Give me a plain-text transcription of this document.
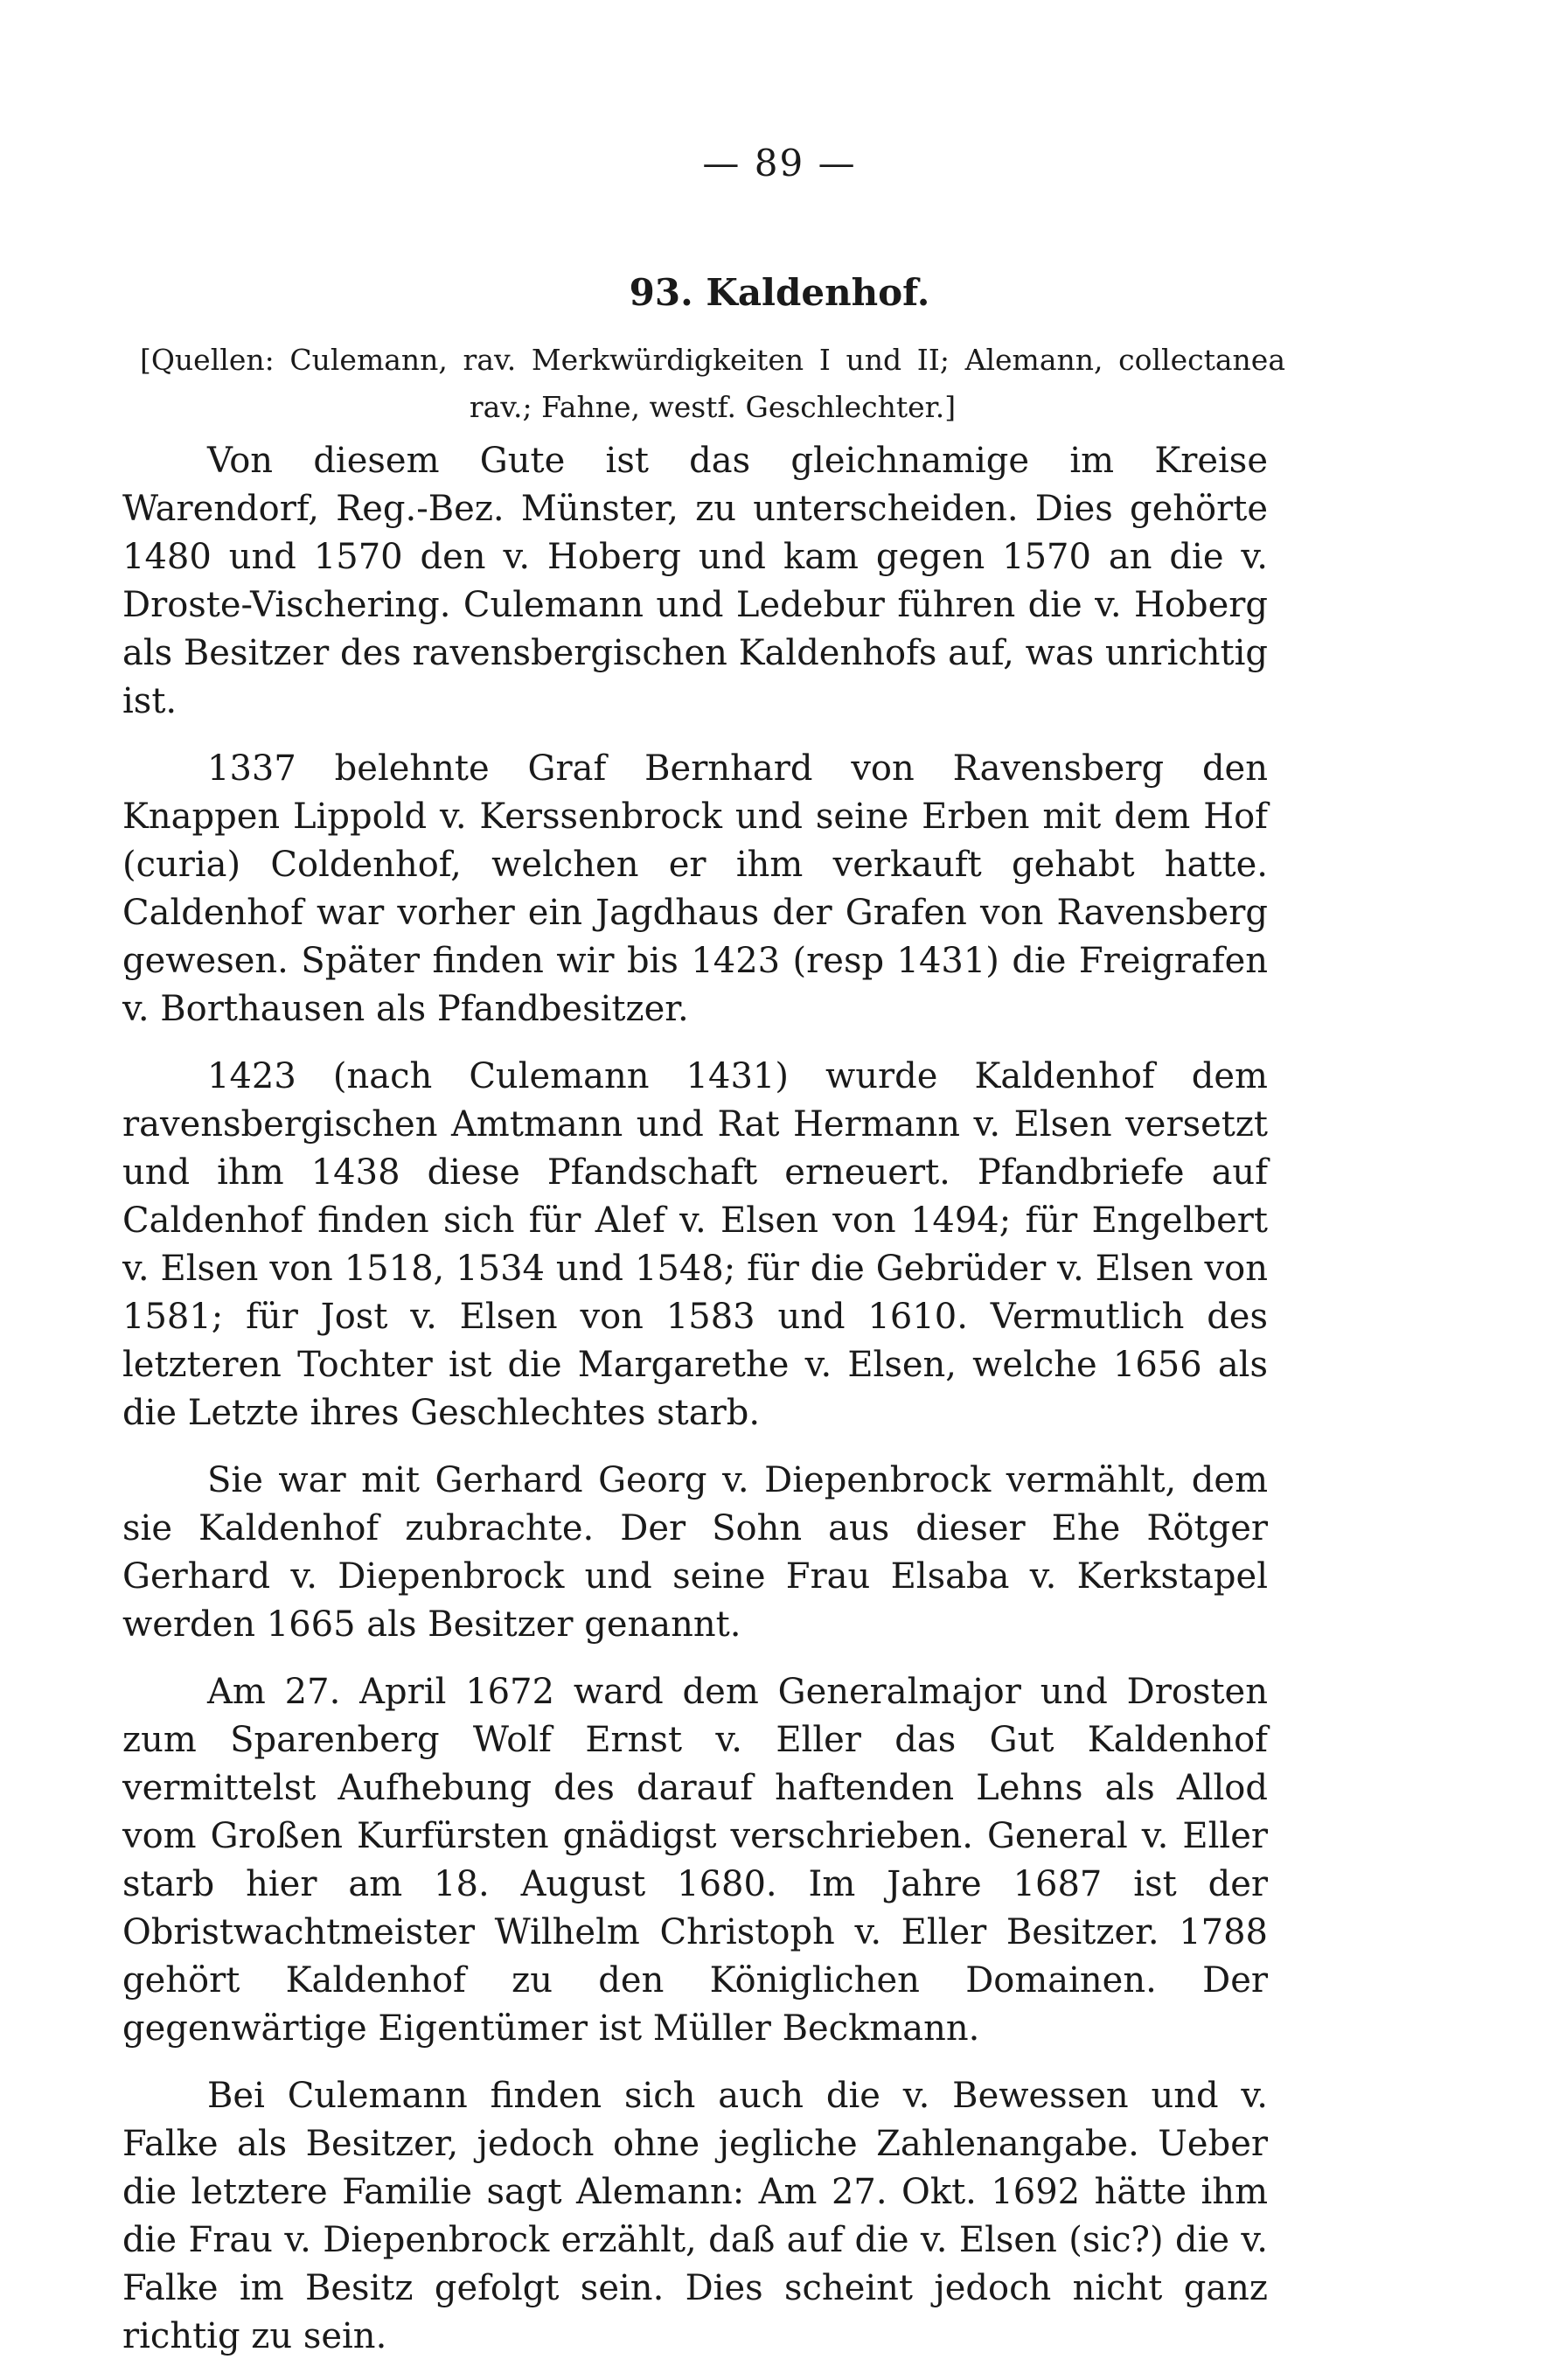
— 89 —
93. Kaldenhof.
[Quellen: Culemann, rav. Merkwürdigkeiten I und II; Alemann, collectanea rav.; Fahne, westf. Geschlechter.]

Von diesem Gute ist das gleichnamige im Kreise Warendorf, Reg.-Bez. Münster, zu unterscheiden. Dies gehörte 1480 und 1570 den v. Hoberg und kam gegen 1570 an die v. Droste-Vischering. Culemann und Ledebur führen die v. Hoberg als Besitzer des ravensbergischen Kaldenhofs auf, was unrichtig ist.

1337 belehnte Graf Bernhard von Ravensberg den Knappen Lippold v. Kerssenbrock und seine Erben mit dem Hof (curia) Coldenhof, welchen er ihm verkauft gehabt hatte. Caldenhof war vorher ein Jagdhaus der Grafen von Ravensberg gewesen. Später finden wir bis 1423 (resp 1431) die Freigrafen v. Borthausen als Pfandbesitzer.

1423 (nach Culemann 1431) wurde Kaldenhof dem ravensbergischen Amtmann und Rat Hermann v. Elsen versetzt und ihm 1438 diese Pfandschaft erneuert. Pfandbriefe auf Caldenhof finden sich für Alef v. Elsen von 1494; für Engelbert v. Elsen von 1518, 1534 und 1548; für die Gebrüder v. Elsen von 1581; für Jost v. Elsen von 1583 und 1610. Vermutlich des letzteren Tochter ist die Margarethe v. Elsen, welche 1656 als die Letzte ihres Geschlechtes starb.

Sie war mit Gerhard Georg v. Diepenbrock vermählt, dem sie Kaldenhof zubrachte. Der Sohn aus dieser Ehe Rötger Gerhard v. Diepenbrock und seine Frau Elsaba v. Kerkstapel werden 1665 als Besitzer genannt.

Am 27. April 1672 ward dem Generalmajor und Drosten zum Sparenberg Wolf Ernst v. Eller das Gut Kaldenhof vermittelst Aufhebung des darauf haftenden Lehns als Allod vom Großen Kurfürsten gnädigst verschrieben. General v. Eller starb hier am 18. August 1680. Im Jahre 1687 ist der Obristwachtmeister Wilhelm Christoph v. Eller Besitzer. 1788 gehört Kaldenhof zu den Königlichen Domainen. Der gegenwärtige Eigentümer ist Müller Beckmann.

Bei Culemann finden sich auch die v. Bewessen und v. Falke als Besitzer, jedoch ohne jegliche Zahlenangabe. Ueber die letztere Familie sagt Alemann: Am 27. Okt. 1692 hätte ihm die Frau v. Diepenbrock erzählt, daß auf die v. Elsen (sic?) die v. Falke im Besitz gefolgt sein. Dies scheint jedoch nicht ganz richtig zu sein.
